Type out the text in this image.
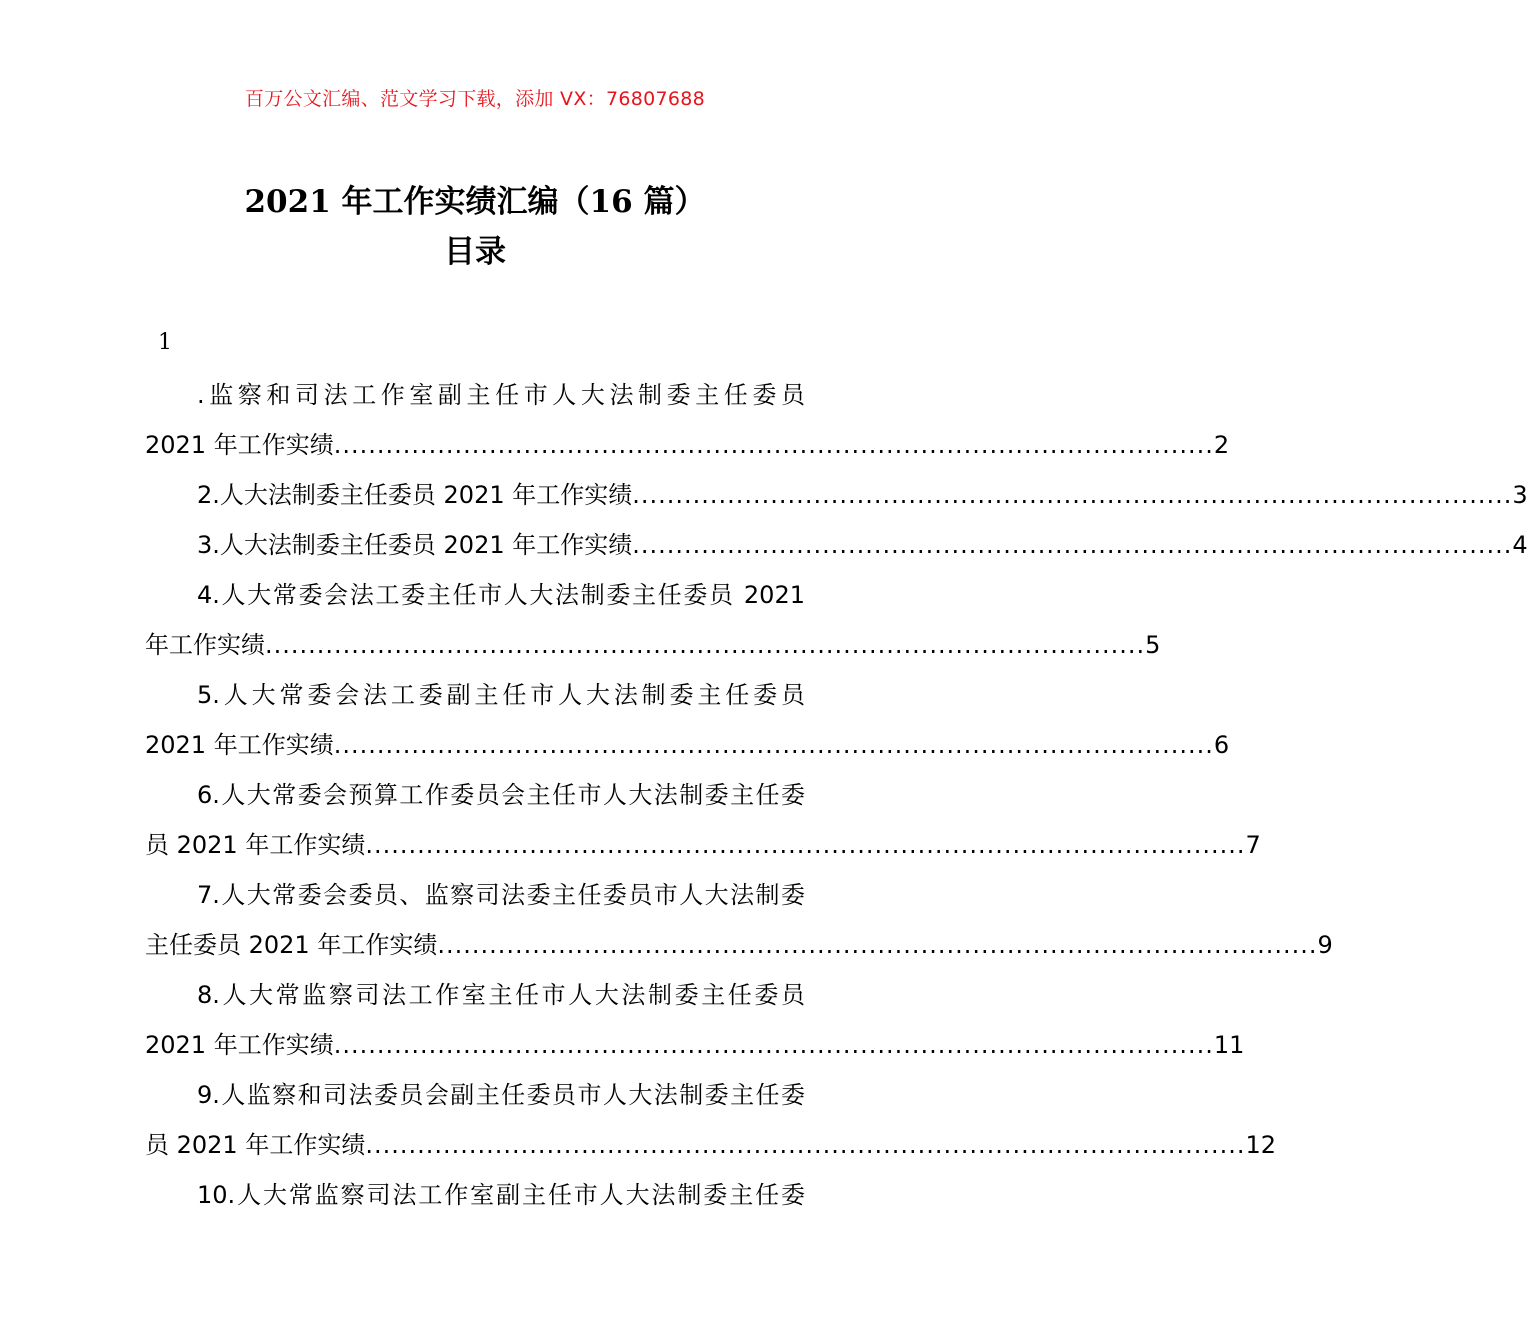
百万公文汇编、范文学习下载，添加 VX：76807688
2021 年工作实绩汇编（16 篇）
目录
1
.监察和司法工作室副主任市人大法制委主任委员
2021 年工作实绩 ...................................................................................................... 2
2.人大法制委主任委员 2021 年工作实绩 ...................................................................................................... 3
3.人大法制委主任委员 2021 年工作实绩 ...................................................................................................... 4
4.人大常委会法工委主任市人大法制委主任委员 2021
年工作实绩 ...................................................................................................... 5
5.人大常委会法工委副主任市人大法制委主任委员
2021 年工作实绩 ...................................................................................................... 6
6.人大常委会预算工作委员会主任市人大法制委主任委
员 2021 年工作实绩 ...................................................................................................... 7
7.人大常委会委员、监察司法委主任委员市人大法制委
主任委员 2021 年工作实绩 ...................................................................................................... 9
8.人大常监察司法工作室主任市人大法制委主任委员
2021 年工作实绩 ...................................................................................................... 11
9.人监察和司法委员会副主任委员市人大法制委主任委
员 2021 年工作实绩 ...................................................................................................... 12
10.人大常监察司法工作室副主任市人大法制委主任委
